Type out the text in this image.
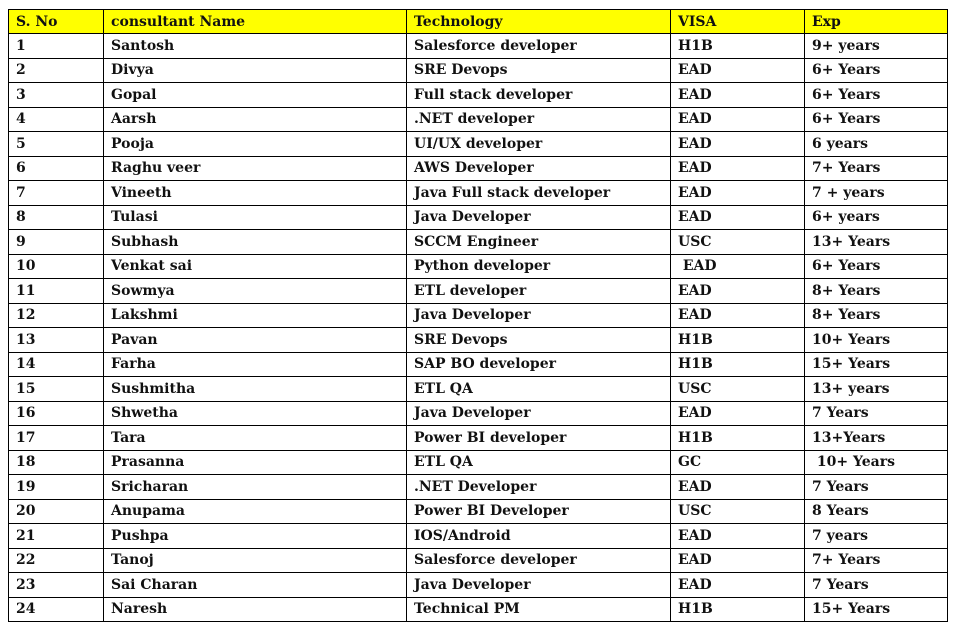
S. No	consultant Name	Technology	VISA	Exp
1	Santosh	Salesforce developer	H1B	9+ years
2	Divya	SRE Devops	EAD	6+ Years
3	Gopal	Full stack developer	EAD	6+ Years
4	Aarsh	.NET developer	EAD	6+ Years
5	Pooja	UI/UX developer	EAD	6 years
6	Raghu veer	AWS Developer	EAD	7+ Years
7	Vineeth	Java Full stack developer	EAD	7 + years
8	Tulasi	Java Developer	EAD	6+ years
9	Subhash	SCCM Engineer	USC	13+ Years
10	Venkat sai	Python developer	EAD	6+ Years
11	Sowmya	ETL developer	EAD	8+ Years
12	Lakshmi	Java Developer	EAD	8+ Years
13	Pavan	SRE Devops	H1B	10+ Years
14	Farha	SAP BO developer	H1B	15+ Years
15	Sushmitha	ETL QA	USC	13+ years
16	Shwetha	Java Developer	EAD	7 Years
17	Tara	Power BI developer	H1B	13+Years
18	Prasanna	ETL QA	GC	10+ Years
19	Sricharan	.NET Developer	EAD	7 Years
20	Anupama	Power BI Developer	USC	8 Years
21	Pushpa	IOS/Android	EAD	7 years
22	Tanoj	Salesforce developer	EAD	7+ Years
23	Sai Charan	Java Developer	EAD	7 Years
24	Naresh	Technical PM	H1B	15+ Years
